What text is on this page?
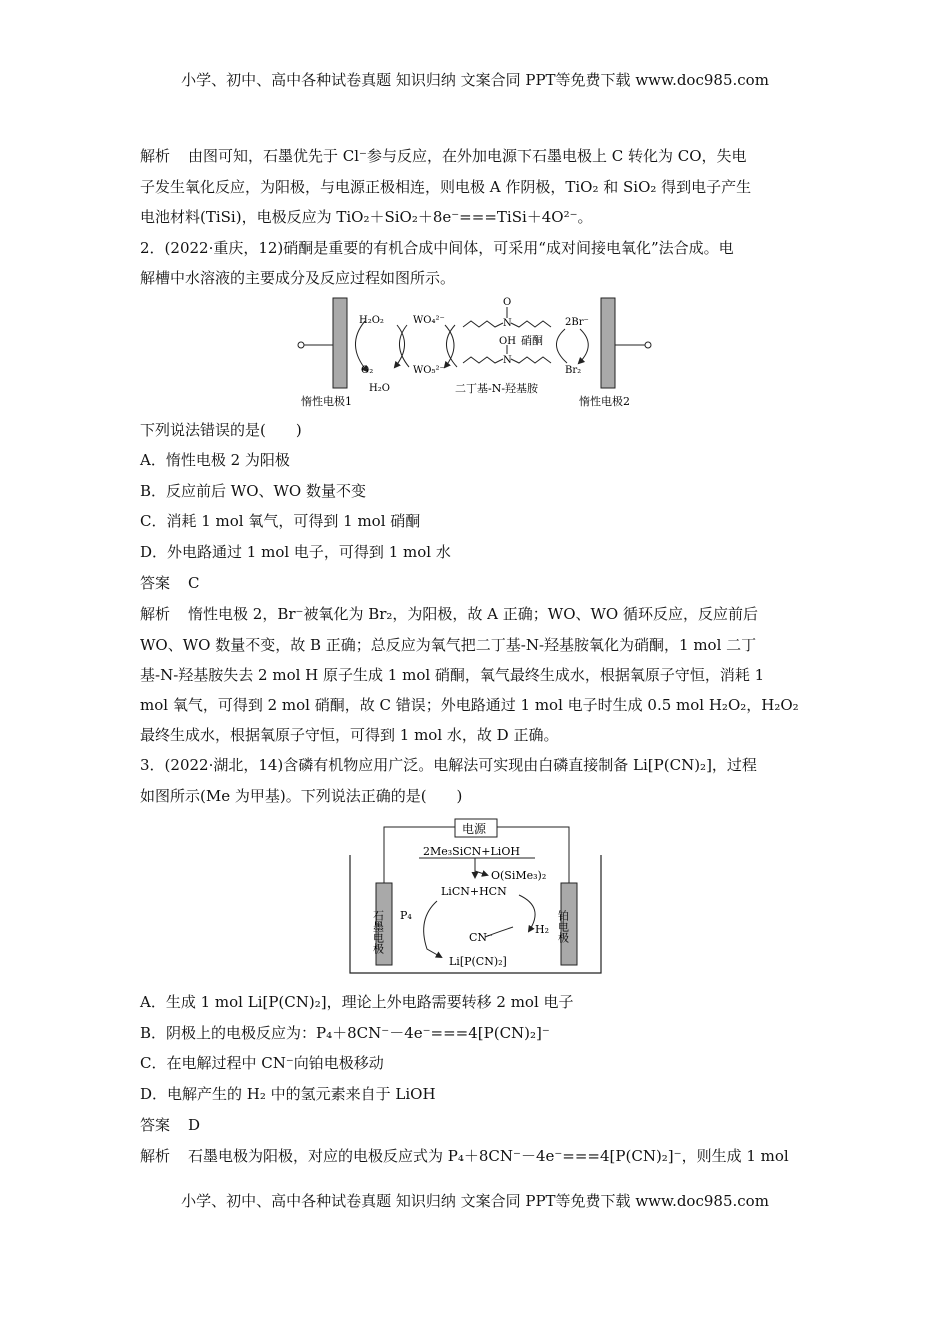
小学、初中、高中各种试卷真题 知识归纳 文案合同 PPT等免费下载 www.doc985.com
解析 由图可知，石墨优先于 Cl⁻参与反应，在外加电源下石墨电极上 C 转化为 CO，失电
子发生氧化反应，为阳极，与电源正极相连，则电极 A 作阴极，TiO₂ 和 SiO₂ 得到电子产生
电池材料(TiSi)，电极反应为 TiO₂＋SiO₂＋8e⁻===TiSi＋4O²⁻。
2．(2022·重庆，12)硝酮是重要的有机合成中间体，可采用“成对间接电氧化”法合成。电
解槽中水溶液的主要成分及反应过程如图所示。
H₂O₂
O₂
H₂O
WO₄²⁻
WO₅²⁻
O
N
OH
N
硝酮
二丁基-N-羟基胺
2Br⁻
Br₂
惰性电极1	惰性电极2
下列说法错误的是(　　)
A．惰性电极 2 为阳极
B．反应前后 WO、WO 数量不变
C．消耗 1 mol 氧气，可得到 1 mol 硝酮
D．外电路通过 1 mol 电子，可得到 1 mol 水
答案 C
解析 惰性电极 2，Br⁻被氧化为 Br₂，为阳极，故 A 正确；WO、WO 循环反应，反应前后
WO、WO 数量不变，故 B 正确；总反应为氧气把二丁基-N-羟基胺氧化为硝酮，1 mol 二丁
基-N-羟基胺失去 2 mol H 原子生成 1 mol 硝酮，氧气最终生成水，根据氧原子守恒，消耗 1
mol 氧气，可得到 2 mol 硝酮，故 C 错误；外电路通过 1 mol 电子时生成 0.5 mol H₂O₂，H₂O₂
最终生成水，根据氧原子守恒，可得到 1 mol 水，故 D 正确。
3．(2022·湖北，14)含磷有机物应用广泛。电解法可实现由白磷直接制备 Li[P(CN)₂]，过程
如图所示(Me 为甲基)。下列说法正确的是(　　)
电源
石墨电极	铂电极
2Me₃SiCN+LiOH
O(SiMe₃)₂
LiCN+HCN
P₄
H₂
CN⁻
Li[P(CN)₂]
A．生成 1 mol Li[P(CN)₂]，理论上外电路需要转移 2 mol 电子
B．阴极上的电极反应为：P₄＋8CN⁻－4e⁻===4[P(CN)₂]⁻
C．在电解过程中 CN⁻向铂电极移动
D．电解产生的 H₂ 中的氢元素来自于 LiOH
答案 D
解析 石墨电极为阳极，对应的电极反应式为 P₄＋8CN⁻－4e⁻===4[P(CN)₂]⁻，则生成 1 mol
小学、初中、高中各种试卷真题 知识归纳 文案合同 PPT等免费下载 www.doc985.com
